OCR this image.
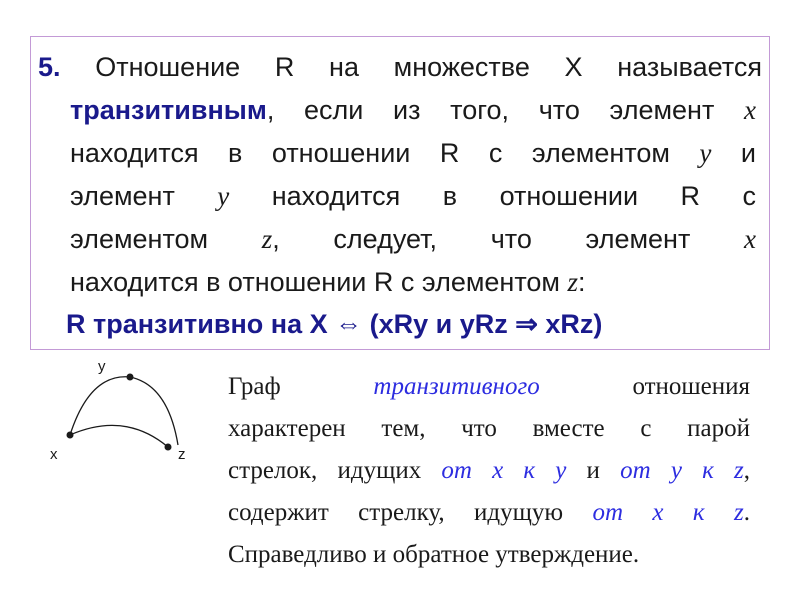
5. Отношение R на множестве X называется
транзитивным, если из того, что элемент x
находится в отношении R с элементом y и
элемент y находится в отношении R с
элементом z, следует, что элемент x
находится в отношении R с элементом z:
R транзитивно на X ⇔ (xRy и yRz ⇒ xRz)
x
y
z
Граф	транзитивного	отношения
характерен тем, что вместе с парой
стрелок, идущих от x к y и от y к z,
содержит стрелку, идущую от x к z.
Справедливо и обратное утверждение.
